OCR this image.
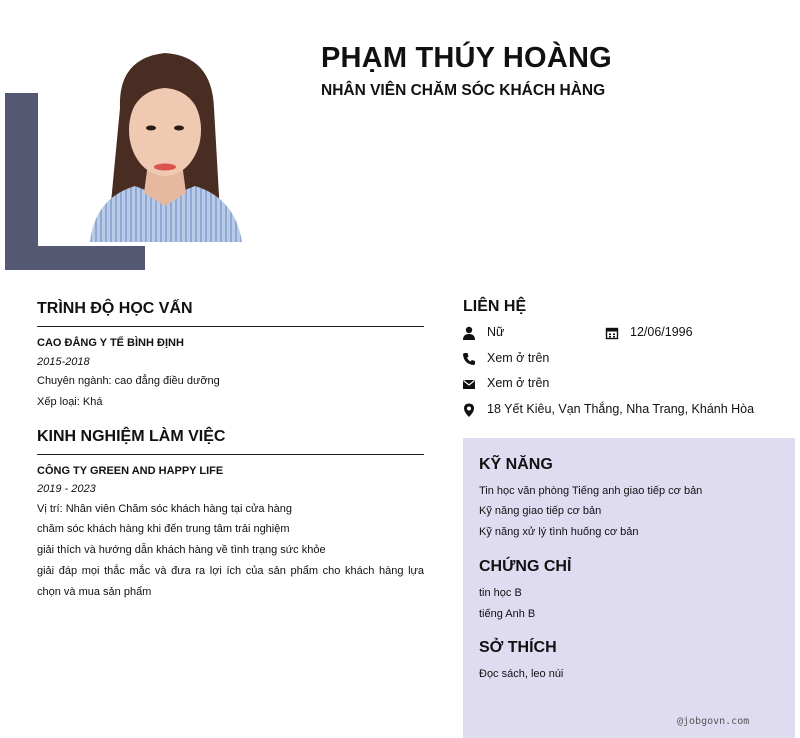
PHẠM THÚY HOÀNG
NHÂN VIÊN CHĂM SÓC KHÁCH HÀNG
TRÌNH ĐỘ HỌC VẤN
CAO ĐẲNG Y TẾ BÌNH ĐỊNH
2015-2018
Chuyên ngành: cao đẳng điều dưỡng
Xếp loại: Khá
KINH NGHIỆM LÀM VIỆC
CÔNG TY GREEN AND HAPPY LIFE
2019 - 2023
Vị trí: Nhân viên Chăm sóc khách hàng tại cửa hàng
chăm sóc khách hàng khi đến trung tâm trải nghiệm
giải thích và hướng dẫn khách hàng về tình trạng sức khỏe
giải đáp mọi thắc mắc và đưa ra lợi ích của sản phẩm cho khách hàng lựa
chọn và mua sản phẩm
LIÊN HỆ
Nữ	12/06/1996
Xem ở trên
Xem ở trên
18 Yết Kiêu, Vạn Thắng, Nha Trang, Khánh Hòa
KỸ NĂNG
Tin học văn phòng Tiếng anh giao tiếp cơ bản
Kỹ năng giao tiếp cơ bản
Kỹ năng xử lý tình huống cơ bản
CHỨNG CHỈ
tin học B
tiếng Anh B
SỞ THÍCH
Đọc sách, leo núi
@jobgovn.com
